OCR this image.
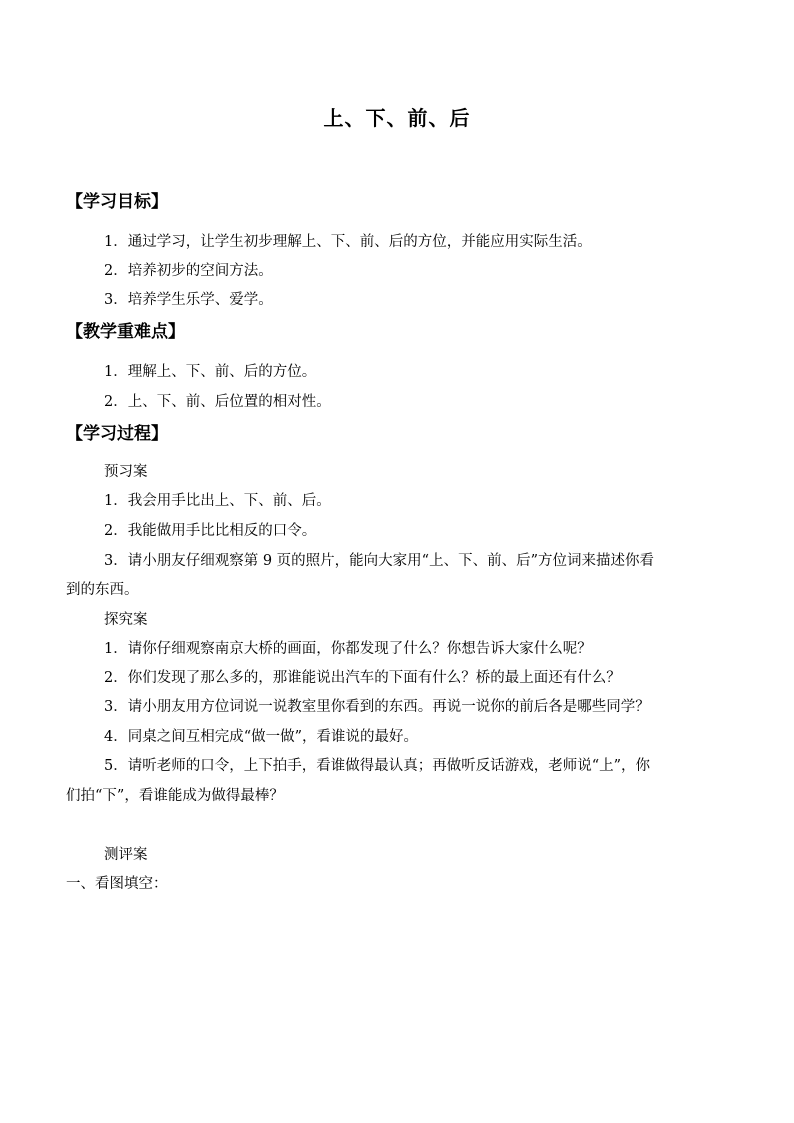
上、下、前、后
【学习目标】
1．通过学习，让学生初步理解上、下、前、后的方位，并能应用实际生活。
2．培养初步的空间方法。
3．培养学生乐学、爱学。
【教学重难点】
1．理解上、下、前、后的方位。
2．上、下、前、后位置的相对性。
【学习过程】
预习案
1．我会用手比出上、下、前、后。
2．我能做用手比比相反的口令。
3．请小朋友仔细观察第 9 页的照片，能向大家用“上、下、前、后”方位词来描述你看
到的东西。
探究案
1．请你仔细观察南京大桥的画面，你都发现了什么？你想告诉大家什么呢？
2．你们发现了那么多的，那谁能说出汽车的下面有什么？桥的最上面还有什么？
3．请小朋友用方位词说一说教室里你看到的东西。再说一说你的前后各是哪些同学？
4．同桌之间互相完成“做一做”，看谁说的最好。
5．请听老师的口令，上下拍手，看谁做得最认真；再做听反话游戏，老师说“上”，你
们拍“下”，看谁能成为做得最棒？
测评案
一、看图填空：
